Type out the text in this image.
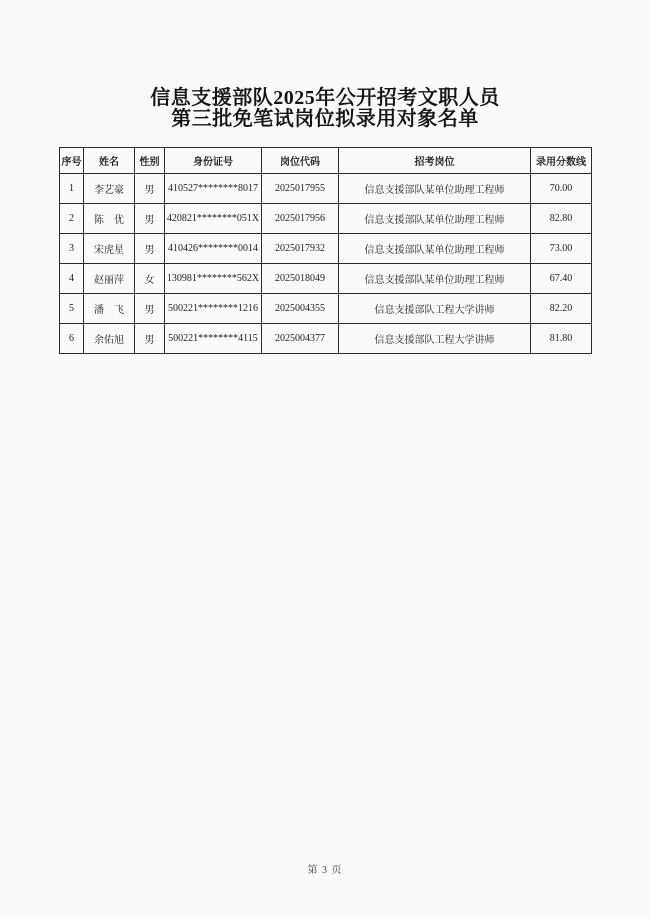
信息支援部队2025年公开招考文职人员
第三批免笔试岗位拟录用对象名单
序号	姓名	性别	身份证号	岗位代码	招考岗位	录用分数线
1	李艺豪	男	410527********8017	2025017955	信息支援部队某单位助理工程师	70.00
2	陈　优	男	420821********051X	2025017956	信息支援部队某单位助理工程师	82.80
3	宋虎星	男	410426********0014	2025017932	信息支援部队某单位助理工程师	73.00
4	赵丽萍	女	130981********562X	2025018049	信息支援部队某单位助理工程师	67.40
5	潘　飞	男	500221********1216	2025004355	信息支援部队工程大学讲师	82.20
6	余佑旭	男	500221********4115	2025004377	信息支援部队工程大学讲师	81.80
第 3 页
